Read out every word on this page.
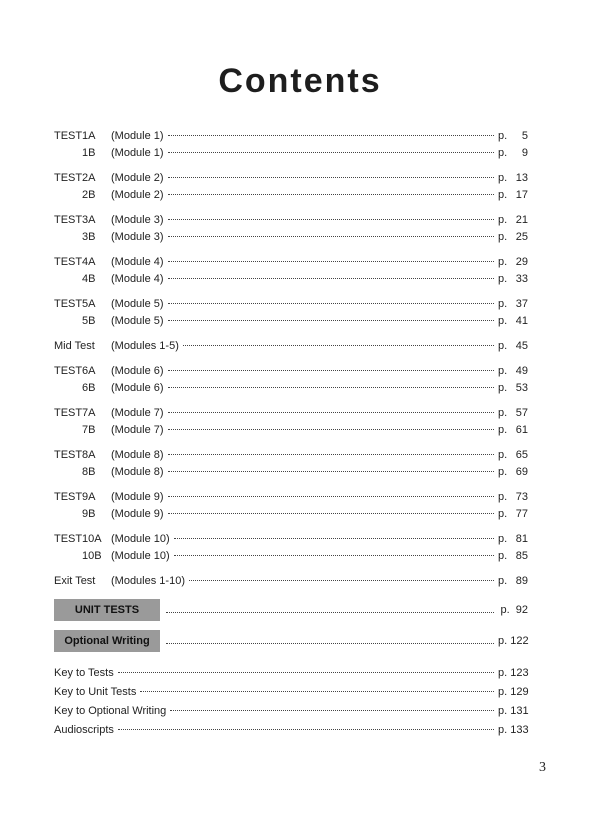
Contents
TEST 1A	(Module 1)	p. 5
1B	(Module 1)	p. 9
TEST 2A	(Module 2)	p. 13
2B	(Module 2)	p. 17
TEST 3A	(Module 3)	p. 21
3B	(Module 3)	p. 25
TEST 4A	(Module 4)	p. 29
4B	(Module 4)	p. 33
TEST 5A	(Module 5)	p. 37
5B	(Module 5)	p. 41
Mid Test	(Modules 1-5)	p. 45
TEST 6A	(Module 6)	p. 49
6B	(Module 6)	p. 53
TEST 7A	(Module 7)	p. 57
7B	(Module 7)	p. 61
TEST 8A	(Module 8)	p. 65
8B	(Module 8)	p. 69
TEST 9A	(Module 9)	p. 73
9B	(Module 9)	p. 77
TEST 10A (Module 10)	p. 81
10B (Module 10)	p. 85
Exit Test	(Modules 1-10)	p. 89
UNIT TESTS	p.  92
Optional Writing	p. 122
Key to Tests	p. 123
Key to Unit Tests	p. 129
Key to Optional Writing	p. 131
Audioscripts	p. 133
3
